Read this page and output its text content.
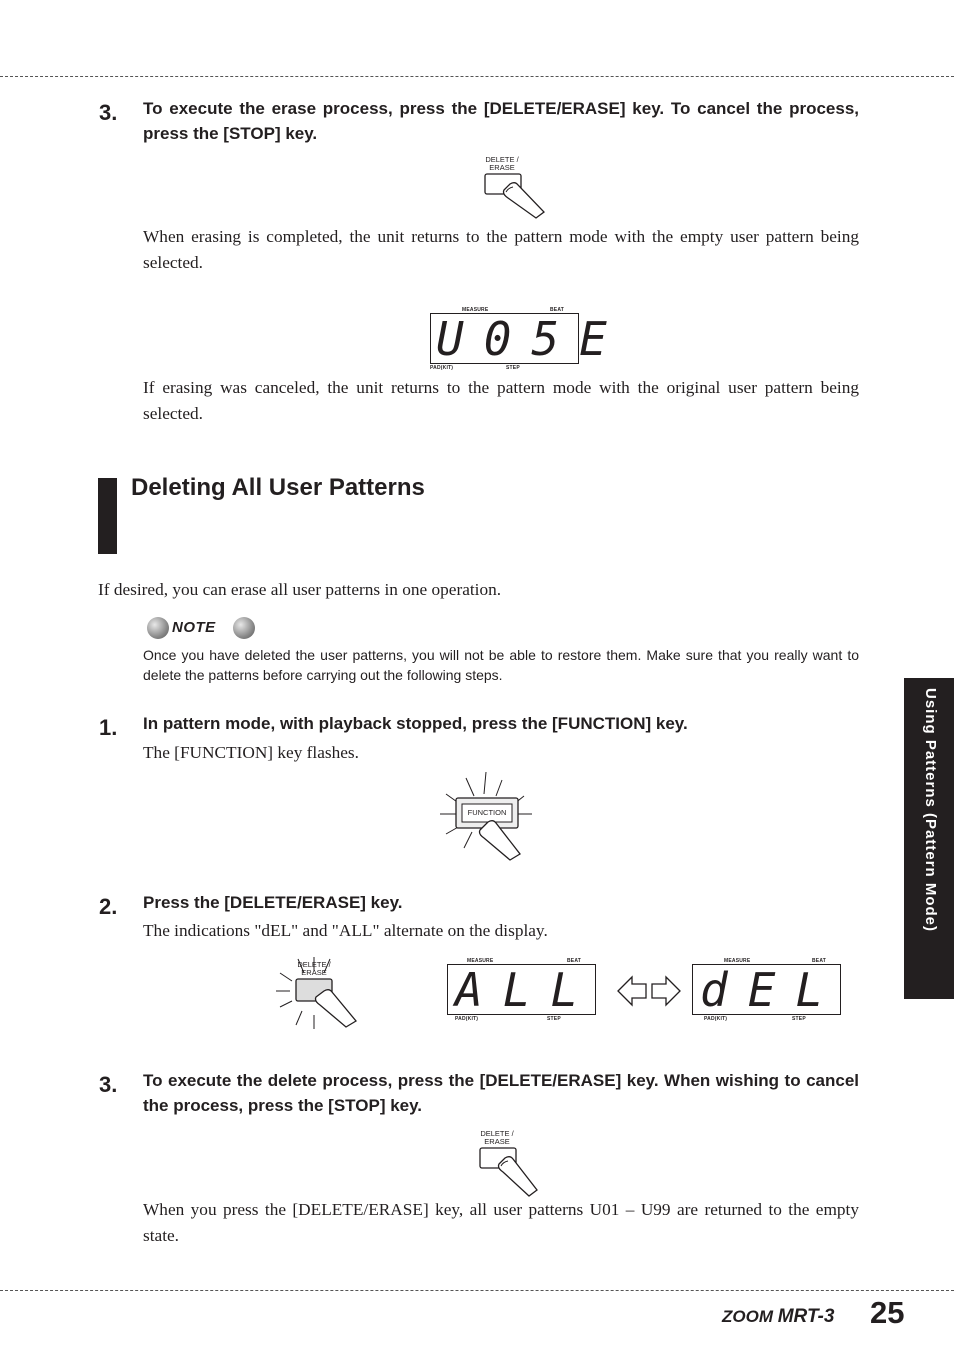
3. To execute the erase process, press the [DELETE/ERASE] key. To cancel the process, press the [STOP] key.
DELETE /
ERASE
When erasing is completed, the unit returns to the pattern mode with the empty user pattern being selected.
MEASURE	BEAT
U05E
PAD(KIT)	STEP
If erasing was canceled, the unit returns to the pattern mode with the original user pattern being selected.
Deleting All User Patterns
If desired, you can erase all user patterns in one operation.
NOTE
Once you have deleted the user patterns, you will not be able to restore them. Make sure that you really want to delete the patterns before carrying out the following steps.
1. In pattern mode, with playback stopped, press the [FUNCTION] key.
The [FUNCTION] key flashes.
FUNCTION
2. Press the [DELETE/ERASE] key.
The indications "dEL" and "ALL" alternate on the display.
DELETE /
ERASE
MEASURE	BEAT
ALL
PAD(KIT)	STEP
MEASURE	BEAT
dEL
PAD(KIT)	STEP
3. To execute the delete process, press the [DELETE/ERASE] key. When wishing to cancel the process, press the [STOP] key.
DELETE /
ERASE
When you press the [DELETE/ERASE] key, all user patterns U01 – U99 are returned to the empty state.
Using Patterns (Pattern Mode)
ZOOM MRT-3 25
